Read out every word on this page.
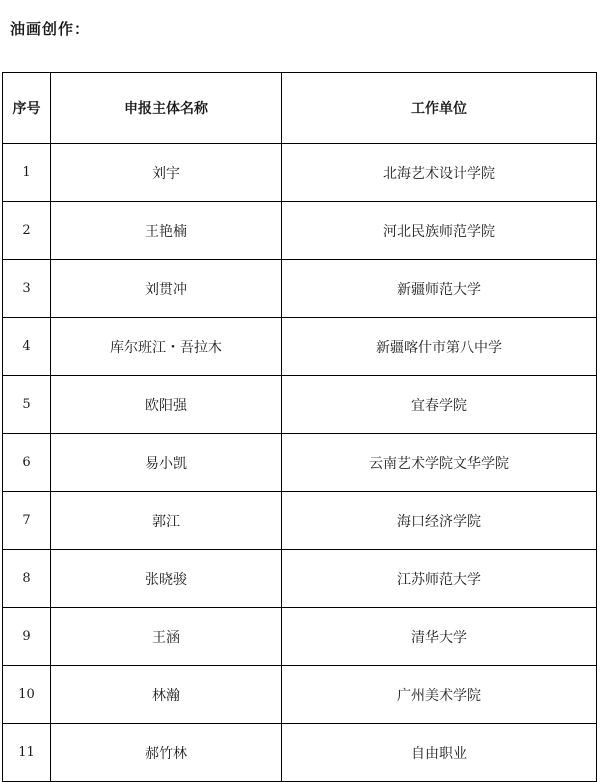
油画创作：
序号	申报主体名称	工作单位
1	刘宇	北海艺术设计学院
2	王艳楠	河北民族师范学院
3	刘贯冲	新疆师范大学
4	库尔班江・吾拉木	新疆喀什市第八中学
5	欧阳强	宜春学院
6	易小凯	云南艺术学院文华学院
7	郭江	海口经济学院
8	张晓骏	江苏师范大学
9	王涵	清华大学
10	林瀚	广州美术学院
11	郝竹林	自由职业
